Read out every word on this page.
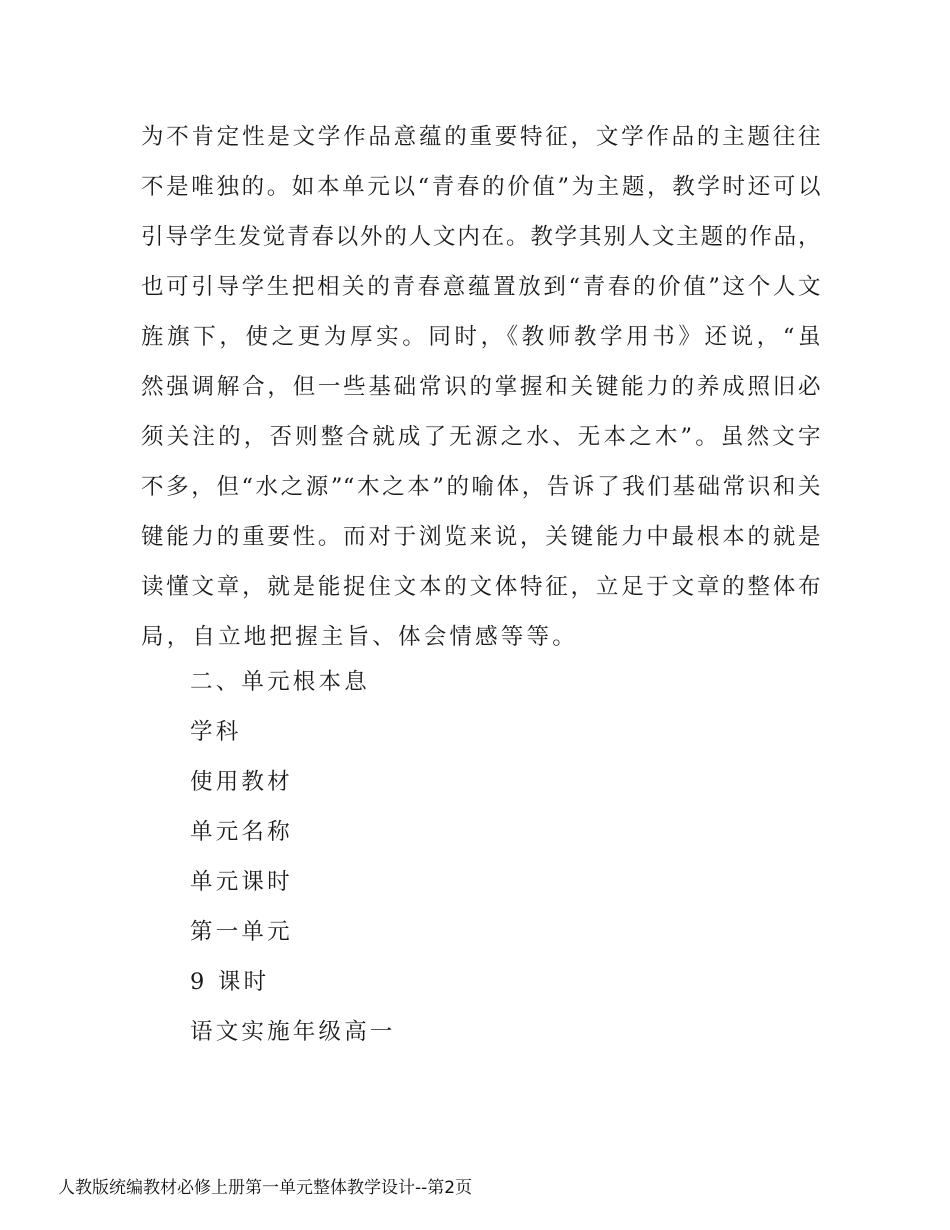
为不肯定性是文学作品意蕴的重要特征，文学作品的主题往往
不是唯独的。如本单元以“青春的价值”为主题，教学时还可以
引导学生发觉青春以外的人文内在。教学其别人文主题的作品，
也可引导学生把相关的青春意蕴置放到“青春的价值”这个人文
旌旗下，使之更为厚实。同时，《教师教学用书》还说，“虽
然强调解合，但一些基础常识的掌握和关键能力的养成照旧必
须关注的，否则整合就成了无源之水、无本之木”。虽然文字
不多，但“水之源”“木之本”的喻体，告诉了我们基础常识和关
键能力的重要性。而对于浏览来说，关键能力中最根本的就是
读懂文章，就是能捉住文本的文体特征，立足于文章的整体布
局，自立地把握主旨、体会情感等等。
二、单元根本息
学科
使用教材
单元名称
单元课时
第一单元
9 课时
语文实施年级高一
人教版统编教材必修上册第一单元整体教学设计--第2页
